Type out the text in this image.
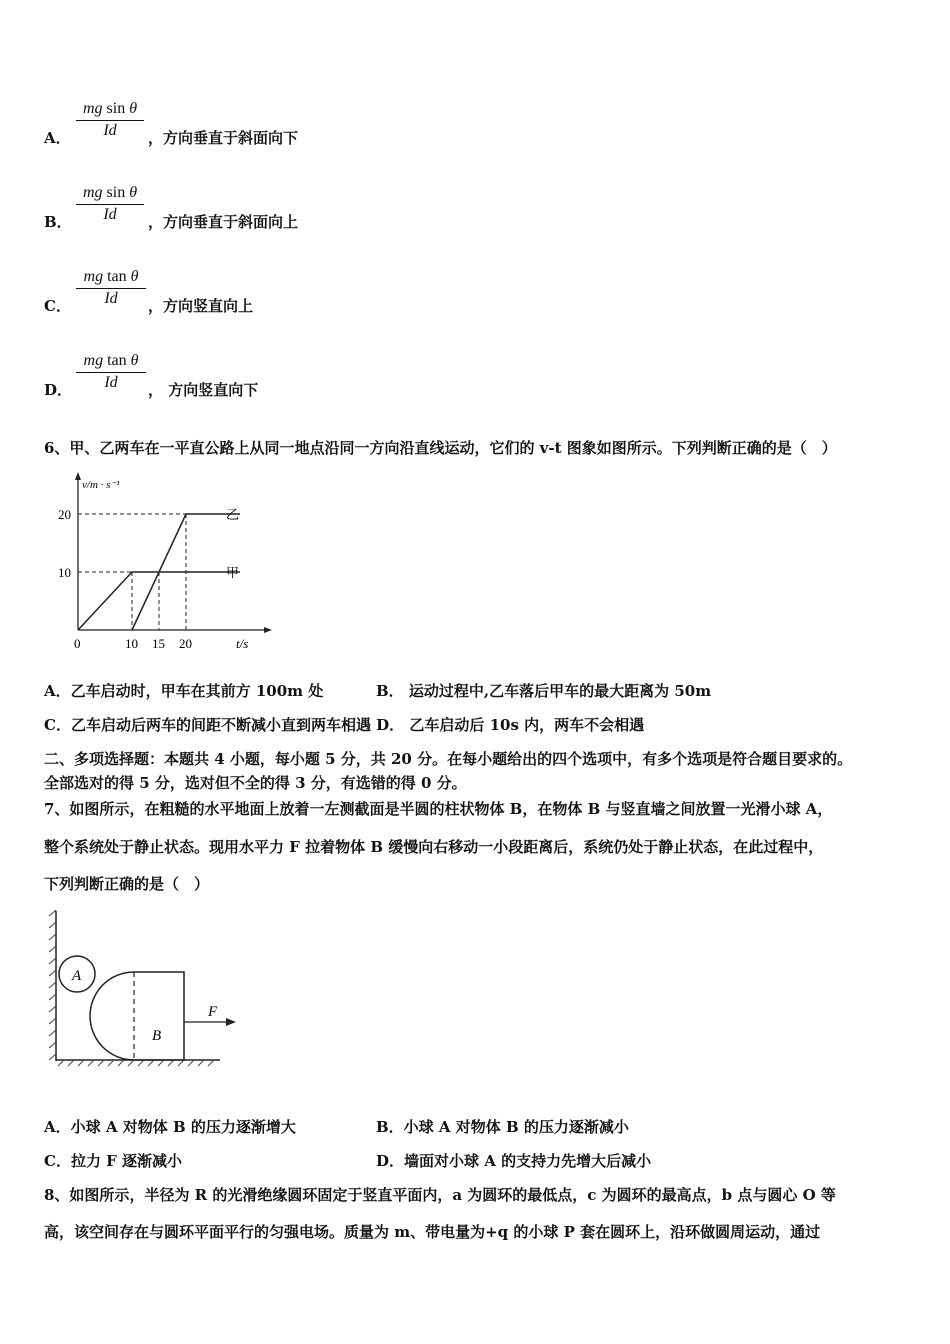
A．
mg sin θ
Id	，方向垂直于斜面向下
B．
mg sin θ
Id	，方向垂直于斜面向上
C．
mg tan θ
Id	，方向竖直向上
D．
mg tan θ
Id	， 方向竖直向下
6、甲、乙两车在一平直公路上从同一地点沿同一方向沿直线运动，它们的 v-t 图象如图所示。下列判断正确的是（　）
v/m · s⁻¹
t/s
10
20
0	10 15 20
甲
乙
A．乙车启动时，甲车在其前方 100m 处	B． 运动过程中,乙车落后甲车的最大距离为 50m
C．乙车启动后两车的间距不断减小直到两车相遇 D． 乙车启动后 10s 内，两车不会相遇
二、多项选择题：本题共 4 小题，每小题 5 分，共 20 分。在每小题给出的四个选项中，有多个选项是符合题目要求的。
全部选对的得 5 分，选对但不全的得 3 分，有选错的得 0 分。
7、如图所示，在粗糙的水平地面上放着一左测截面是半圆的柱状物体 B，在物体 B 与竖直墙之间放置一光滑小球 A，
整个系统处于静止状态。现用水平力 F 拉着物体 B 缓慢向右移动一小段距离后，系统仍处于静止状态，在此过程中，
下列判断正确的是（　）
A
B
F
A．小球 A 对物体 B 的压力逐渐增大	B．小球 A 对物体 B 的压力逐渐减小
C．拉力 F 逐渐减小	D．墙面对小球 A 的支持力先增大后减小
8、如图所示，半径为 R 的光滑绝缘圆环固定于竖直平面内，a 为圆环的最低点，c 为圆环的最高点，b 点与圆心 O 等
高，该空间存在与圆环平面平行的匀强电场。质量为 m、带电量为+q 的小球 P 套在圆环上，沿环做圆周运动，通过
